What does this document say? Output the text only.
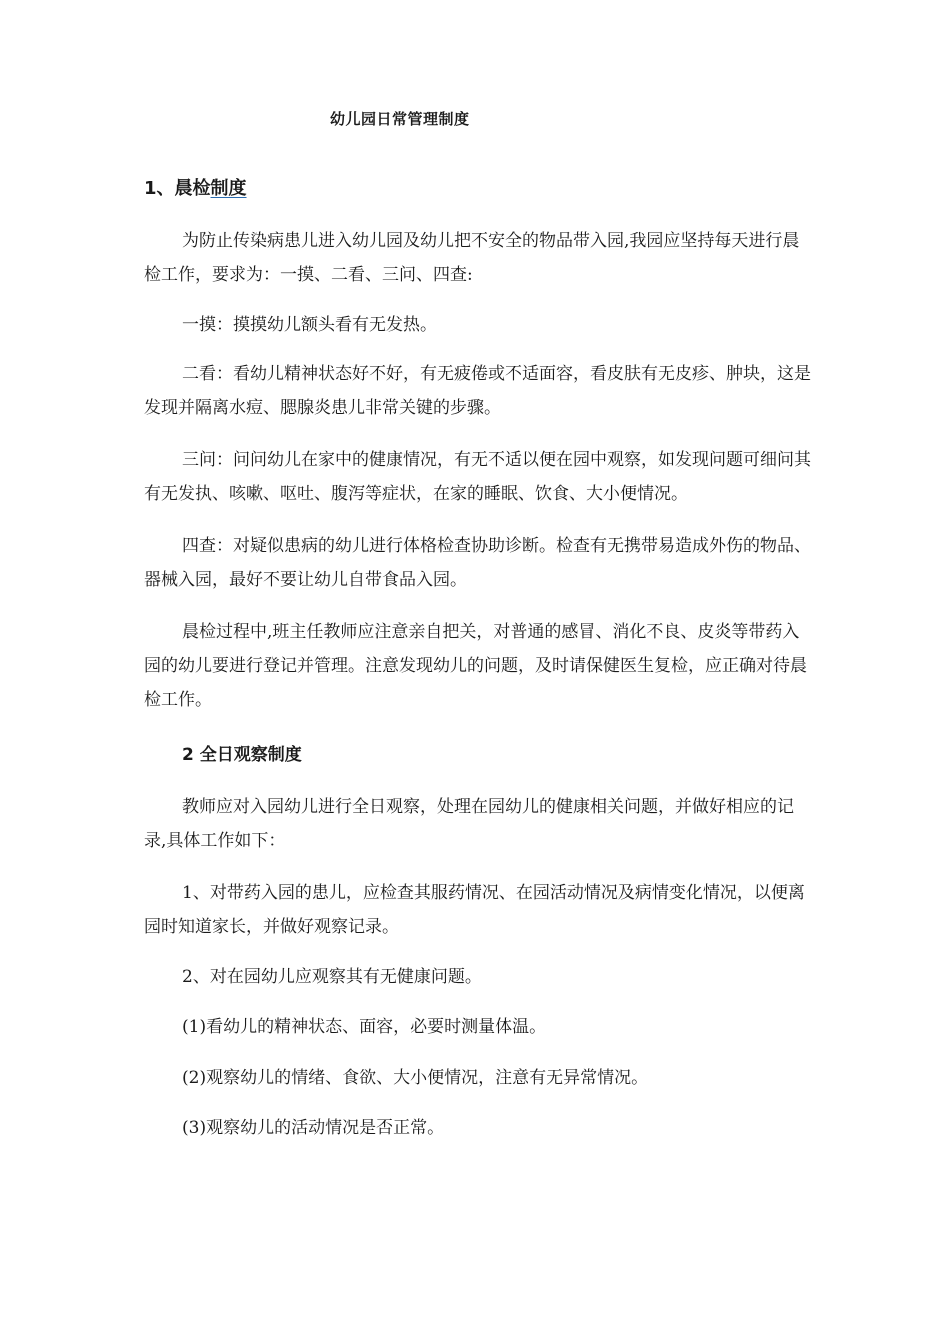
幼儿园日常管理制度
1、晨检制度

为防止传染病患儿进入幼儿园及幼儿把不安全的物品带入园,我园应坚持每天进行晨检工作，要求为：一摸、二看、三问、四查:

一摸：摸摸幼儿额头看有无发热。

二看：看幼儿精神状态好不好，有无疲倦或不适面容，看皮肤有无皮疹、肿块，这是发现并隔离水痘、腮腺炎患儿非常关键的步骤。

三问：问问幼儿在家中的健康情况，有无不适以便在园中观察，如发现问题可细问其有无发执、咳嗽、呕吐、腹泻等症状，在家的睡眠、饮食、大小便情况。

四查：对疑似患病的幼儿进行体格检查协助诊断。检查有无携带易造成外伤的物品、器械入园，最好不要让幼儿自带食品入园。

晨检过程中,班主任教师应注意亲自把关，对普通的感冒、消化不良、皮炎等带药入园的幼儿要进行登记并管理。注意发现幼儿的问题，及时请保健医生复检，应正确对待晨检工作。

2 全日观察制度

教师应对入园幼儿进行全日观察，处理在园幼儿的健康相关问题，并做好相应的记录,具体工作如下：

1、对带药入园的患儿，应检查其服药情况、在园活动情况及病情变化情况，以便离园时知道家长，并做好观察记录。

2、对在园幼儿应观察其有无健康问题。

(1)看幼儿的精神状态、面容，必要时测量体温。

(2)观察幼儿的情绪、食欲、大小便情况，注意有无异常情况。

(3)观察幼儿的活动情况是否正常。
